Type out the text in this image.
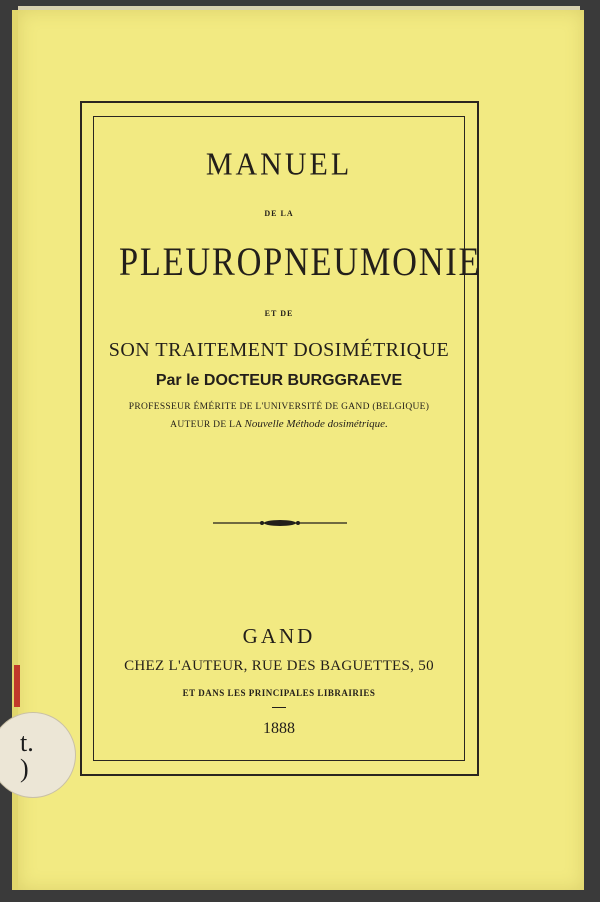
t.
)
MANUEL
DE LA
PLEUROPNEUMONIE
ET DE
SON TRAITEMENT DOSIMÉTRIQUE
Par le DOCTEUR BURGGRAEVE
PROFESSEUR ÉMÉRITE DE L'UNIVERSITÉ DE GAND (BELGIQUE)
AUTEUR DE LA Nouvelle Méthode dosimétrique.
GAND
CHEZ L'AUTEUR, RUE DES BAGUETTES, 50
ET DANS LES PRINCIPALES LIBRAIRIES
1888
